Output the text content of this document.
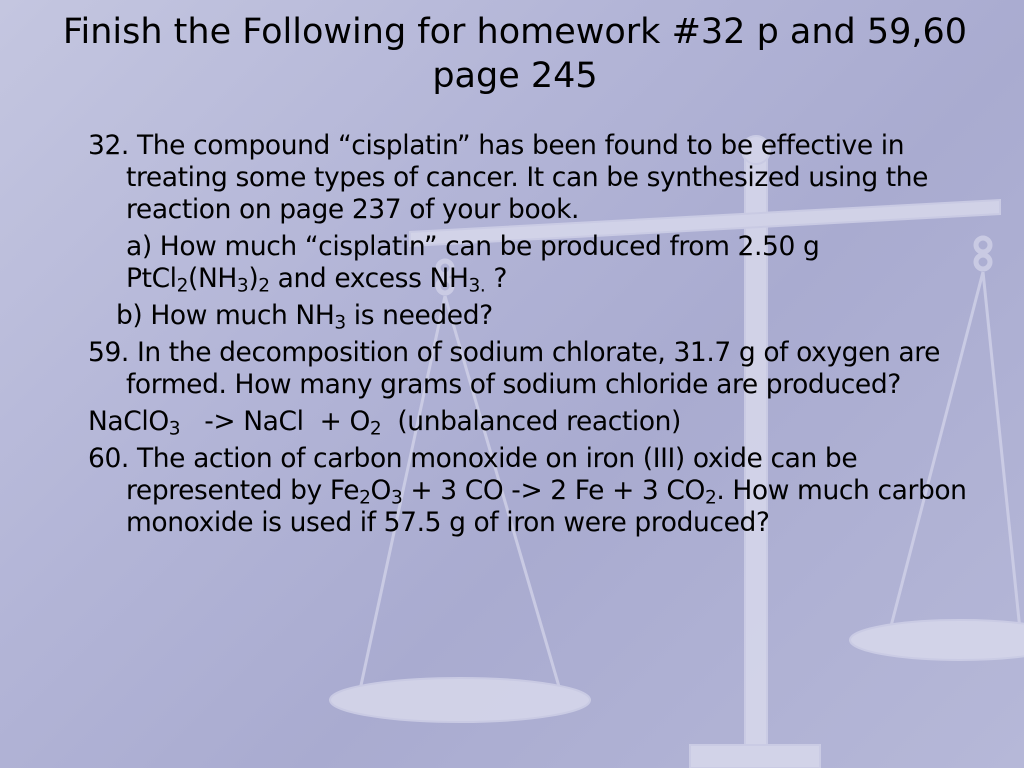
Finish the Following for homework #32 p and 59,60 page 245

32. The compound “cisplatin” has been found to be effective in treating some types of cancer. It can be synthesized using the reaction on page 237 of your book.

a) How much “cisplatin” can be produced from 2.50 g $PtCl_2(NH_3)_2$ and excess $NH_{3.}$ ?

b) How much $NH_3$ is needed?

59. In the decomposition of sodium chlorate, 31.7 g of oxygen are formed. How many grams of sodium chloride are produced?

NaClO$_3$   -> NaCl  + $O_2$  (unbalanced reaction)

60. The action of carbon monoxide on iron (III) oxide can be represented by $Fe_2O_3 + 3$ CO -> 2 Fe + 3 $CO_2$. How much carbon monoxide is used if 57.5 g of iron were produced?
